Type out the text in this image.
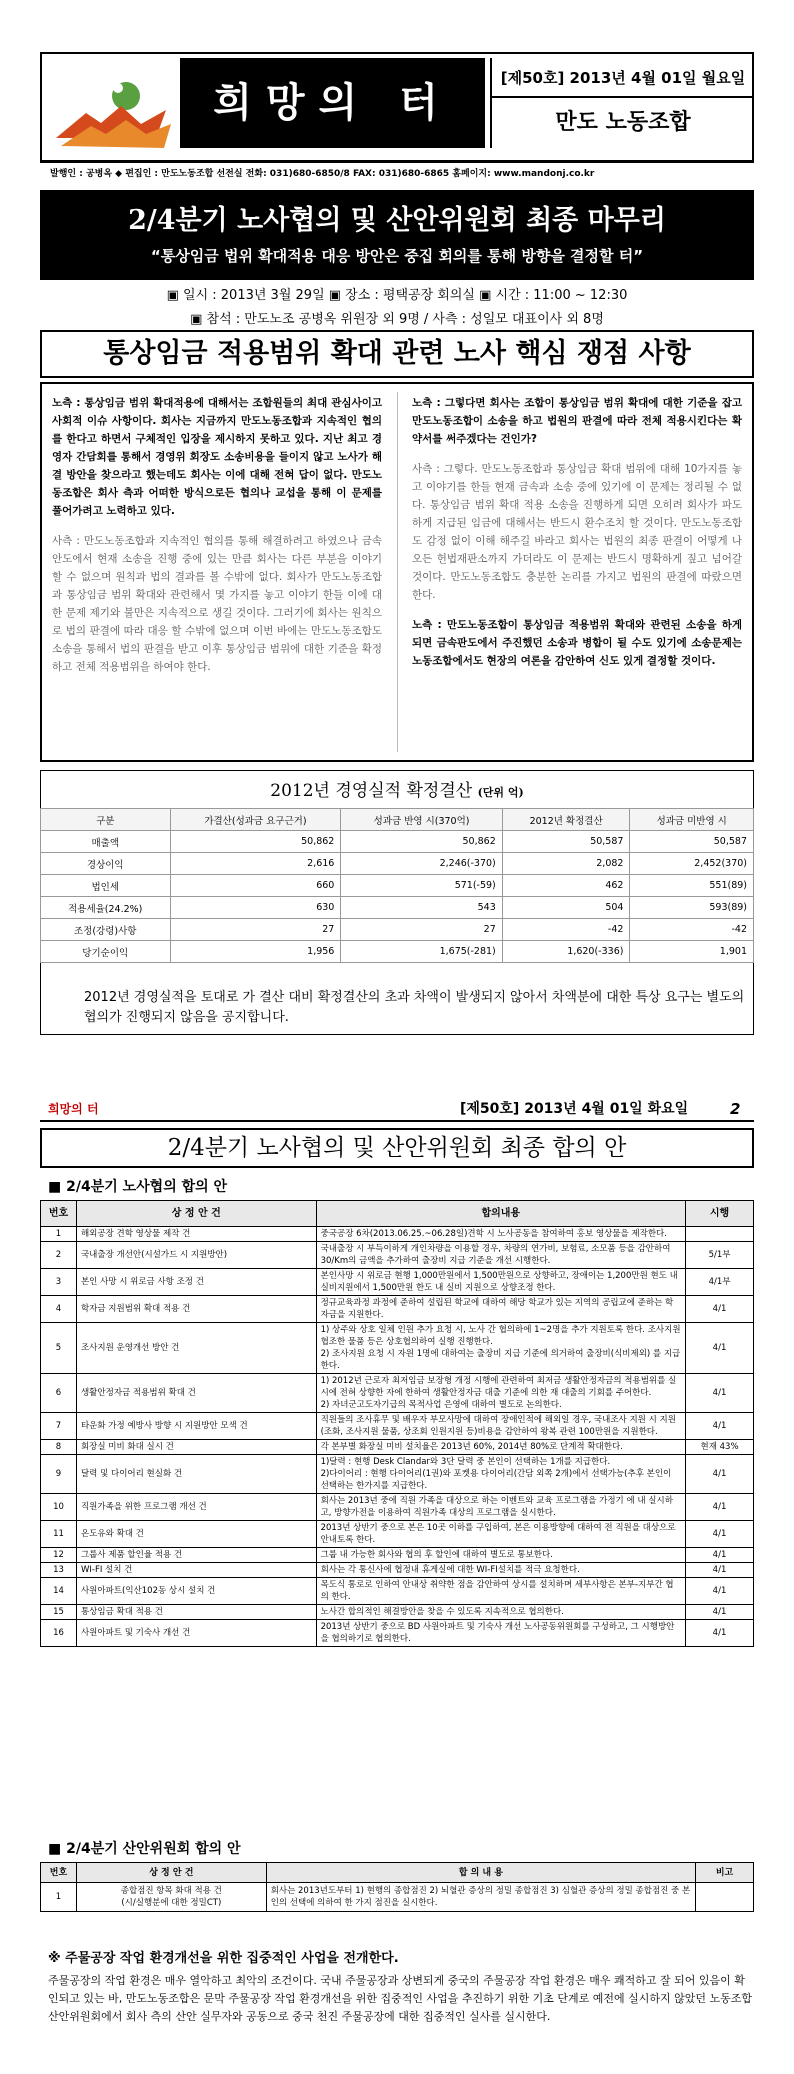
희망의 터
[제50호] 2013년 4월 01일 월요일
만도 노동조합
발행인 : 공병옥 ◆ 편집인 : 만도노동조합 선전실 전화: 031)680-6850/8 FAX: 031)680-6865 홈페이지: www.mandonj.co.kr
2/4분기 노사협의 및 산안위원회 최종 마무리
“통상임금 법위 확대적용 대응 방안은 중집 회의를 통해 방향을 결정할 터”
▣ 일시 : 2013년 3월 29일 ▣ 장소 : 평택공장 회의실 ▣ 시간 : 11:00 ~ 12:30
▣ 참석 : 만도노조 공병옥 위원장 외 9명 / 사측 : 성일모 대표이사 외 8명
통상임금 적용범위 확대 관련 노사 핵심 쟁점 사항

노측 : 통상임금 범위 확대적용에 대해서는 조합원들의 최대 관심사이고 사회적 이슈 사항이다. 회사는 지금까지 만도노동조합과 지속적인 협의를 한다고 하면서 구체적인 입장을 제시하지 못하고 있다. 지난 최고 경영자 간담회를 통해서 경영위 회장도 소송비용을 들이지 않고 노사가 해결 방안을 찾으라고 했는데도 회사는 이에 대해 전혀 답이 없다. 만도노동조합은 회사 측과 어떠한 방식으로든 협의나 교섭을 통해 이 문제를 풀어가려고 노력하고 있다.

사측 : 만도노동조합과 지속적인 협의를 통해 해결하려고 하였으나 금속 안도에서 현재 소송을 진행 중에 있는 만큼 회사는 다른 부분을 이야기 할 수 없으며 원칙과 법의 결과를 볼 수밖에 없다. 회사가 만도노동조합과 통상임금 범위 확대와 관련해서 몇 가지를 놓고 이야기 한들 이에 대한 문제 제기와 불만은 지속적으로 생길 것이다. 그러기에 회사는 원칙으로 법의 판결에 따라 대응 할 수밖에 없으며 이번 바에는 만도노동조합도 소송을 통해서 법의 판결을 받고 이후 통상임금 범위에 대한 기준을 확정하고 전체 적용범위을 하여야 한다.

노측 : 그렇다면 회사는 조합이 통상임금 범위 확대에 대한 기준을 잡고 만도노동조합이 소송을 하고 법원의 판결에 따라 전체 적용시킨다는 확약서를 써주겠다는 건인가?

사측 : 그렇다. 만도노동조합과 통상임금 확대 범위에 대해 10가지를 놓고 이야기를 한들 현재 금속과 소송 중에 있기에 이 문제는 정리될 수 없다. 통상임금 범위 확대 적용 소송을 진행하게 되면 오히려 회사가 파도하게 지급된 임금에 대해서는 반드시 환수조치 할 것이다. 만도노동조합도 감정 없이 이해 해주길 바라고 회사는 법원의 최종 판결이 어떻게 나오든 헌법재판소까지 가더라도 이 문제는 반드시 명확하게 짚고 넘어갈 것이다. 만도노동조합도 충분한 논리를 가지고 법원의 판결에 따랐으면 한다.

노측 : 만도노동조합이 통상임금 적용범위 확대와 관련된 소송을 하게 되면 금속판도에서 주진했던 소송과 병합이 될 수도 있기에 소송문제는 노동조합에서도 현장의 여론을 감안하여 신도 있게 결정할 것이다.

2012년 경영실적 확정결산 (단위 억)
구분	가결산(성과금 요구근거)	성과금 반영 시(370억)	2012년 확정결산	성과금 미반영 시
매출액	50,862	50,862	50,587	50,587
경상이익	2,616	2,246(-370)	2,082	2,452(370)
법인세	660	571(-59)	462	551(89)
적용세율(24.2%)	630	543	504	593(89)
조정(강령)사항	27	27	-42	-42
당기순이익	1,956	1,675(-281)	1,620(-336)	1,901
2012년 경영실적을 토대로 가 결산 대비 확정결산의 초과 차액이 발생되지 않아서 차액분에 대한 특상 요구는 별도의 협의가 진행되지 않음을 공지합니다.
희망의 터	[제50호] 2013년 4월 01일 화요일	2
2/4분기 노사협의 및 산안위원회 최종 합의 안
■ 2/4분기 노사협의 합의 안
번호	상 정 안 건	합의내용	시행
1	해외공장 견학 영상물 제작 건	중국공장 6차(2013.06.25.~06.28일)견학 시 노사공동을 참여하여 홍보 영상물을 제작한다.	
2	국내출장 개선안(시설가드 시 지원방안)	국내출장 시 부득이하게 개인차량을 이용할 경우, 차량의 연가비, 보험료, 소모품 등을 감안하여 30/Km의 금액을 추가하여 출장비 지급 기준을 개선 시행한다.	5/1부
3	본인 사망 시 위로금 사항 조정 건	본인사망 시 위로금 현행 1,000만원에서 1,500만원으로 상향하고, 장애이는 1,200만원 현도 내 실비지원에서 1,500만원 한도 내 실비 지원으로 상향조정 한다.	4/1부
4	학자금 지원범위 확대 적용 건	정규교육과정 과정에 준하여 설립된 학교에 대하여 해당 학교가 있는 지역의 공립교에 준하는 학자금을 지원한다.	4/1
5	조사지원 운영개선 방안 건	1) 상주와 상호 일체 인원 추가 요청 시, 노사 간 협의하에 1~2명을 추가 지원토록 한다. 조사지원 협조한 물품 등은 상호협의하여 실행 진행한다.
2) 조사지원 요청 시 자원 1명에 대하여는 출장비 지급 기준에 의거하여 출장비(식비제외) 를 지급한다.	4/1
6	생활안정자금 적용범위 확대 건	1) 2012년 근로자 최저임금 보장형 개정 시행에 관련하여 최저금 생활안정자금의 적용범위를 실시에 전혀 상향한 자에 한하여 생활안정자금 대출 기준에 의한 재 대출의 기회를 주어한다.
2) 자녀군고도자기급의 목적사업 은영에 대하여 별도로 논의한다.	4/1
7	타운화 가정 예방사 방향 시 지원방안 모색 건	직원들의 조사휴무 및 배우자 부모사망에 대하여 장애인적에 해외일 경우, 국내조사 지원 시 지원(조화, 조사지원 물품, 상조회 인원지원 등)비용을 감안하여 왕복 관련 100만원을 지원한다.	4/1
8	회장실 미비 화대 실시 건	각 본부별 화장실 미비 설치율은 2013년 60%, 2014년 80%로 단계적 확대한다.	현재 43%
9	달력 및 다이어리 현실화 건	1)달력 : 현행 Desk Clandar와 3단 달력 중 본인이 선택하는 1개를 지급한다.
2)다이어리 : 현행 다이어리(1권)와 포켓용 다이어리(간담 외쪽 2개)에서 선택가능(추후 본인이 선택하는 한가지를 지급한다.	4/1
10	직원가족을 위한 프로그램 개선 건	회사는 2013년 중에 직원 가족을 대상으로 하는 이벤트와 교육 프로그램을 가정기 에 내 실시하고, 방향가전을 이용하여 직원가족 대상의 프로그램을 실시한다.	4/1
11	온도유와 확대 건	2013년 상반기 중으로 본은 10곳 이하를 구입하여, 본은 이용방향에 대하여 전 직원을 대상으로 안내토록 한다.	4/1
12	그룹사 제품 할인율 적용 건	그룹 내 가능한 회사와 협의 후 할인에 대하여 별도로 통보한다.	4/1
13	WI-FI 설치 건	회사는 각 통신사에 협정내 휴게실에 대한 WI-FI설치를 적극 요청한다.	4/1
14	사원아파트(익산102동 상시 설치 건	목도식 통로로 인하여 안내상 취약한 점을 감안하여 상시를 설치하며 세부사항은 본부-지부간 협의 한다.	4/1
15	통상임금 확대 적용 건	노사간 합의적인 해결방안을 찾을 수 있도록 지속적으로 협의한다.	4/1
16	사원아파트 및 기숙사 개선 건	2013년 상반기 중으로 BD 사원아파트 및 기숙사 개선 노사공동위원회를 구성하고, 그 시행방안을 협의하기로 협의한다.	4/1
■ 2/4분기 산안위원회 합의 안
번호	상 정 안 건	합 의 내 용	비고
1	종합점진 항목 화대 적용 건
(시/실행분에 대한 정밀CT)	회사는 2013년도부터 1) 현행의 종합점진 2) 뇌혈관 증상의 정밀 종합점진 3) 심혈관 증상의 정밀 종합점진 중 본인의 선택에 의하여 한 가지 점진을 실시한다.	
※ 주물공장 작업 환경개선을 위한 집중적인 사업을 전개한다.
주물공장의 작업 환경은 매우 열악하고 최악의 조건이다. 국내 주물공장과 상변되게 중국의 주물공장 작업 환경은 매우 쾌적하고 잘 되어 있음이 확인되고 있는 바, 만도노동조합은 문막 주물공장 작업 환경개선을 위한 집중적인 사업을 추진하기 위한 기초 단계로 예전에 실시하지 않았던 노동조합 산안위원회에서 회사 측의 산안 실무자와 공동으로 중국 천진 주물공장에 대한 집중적인 실사를 실시한다.
